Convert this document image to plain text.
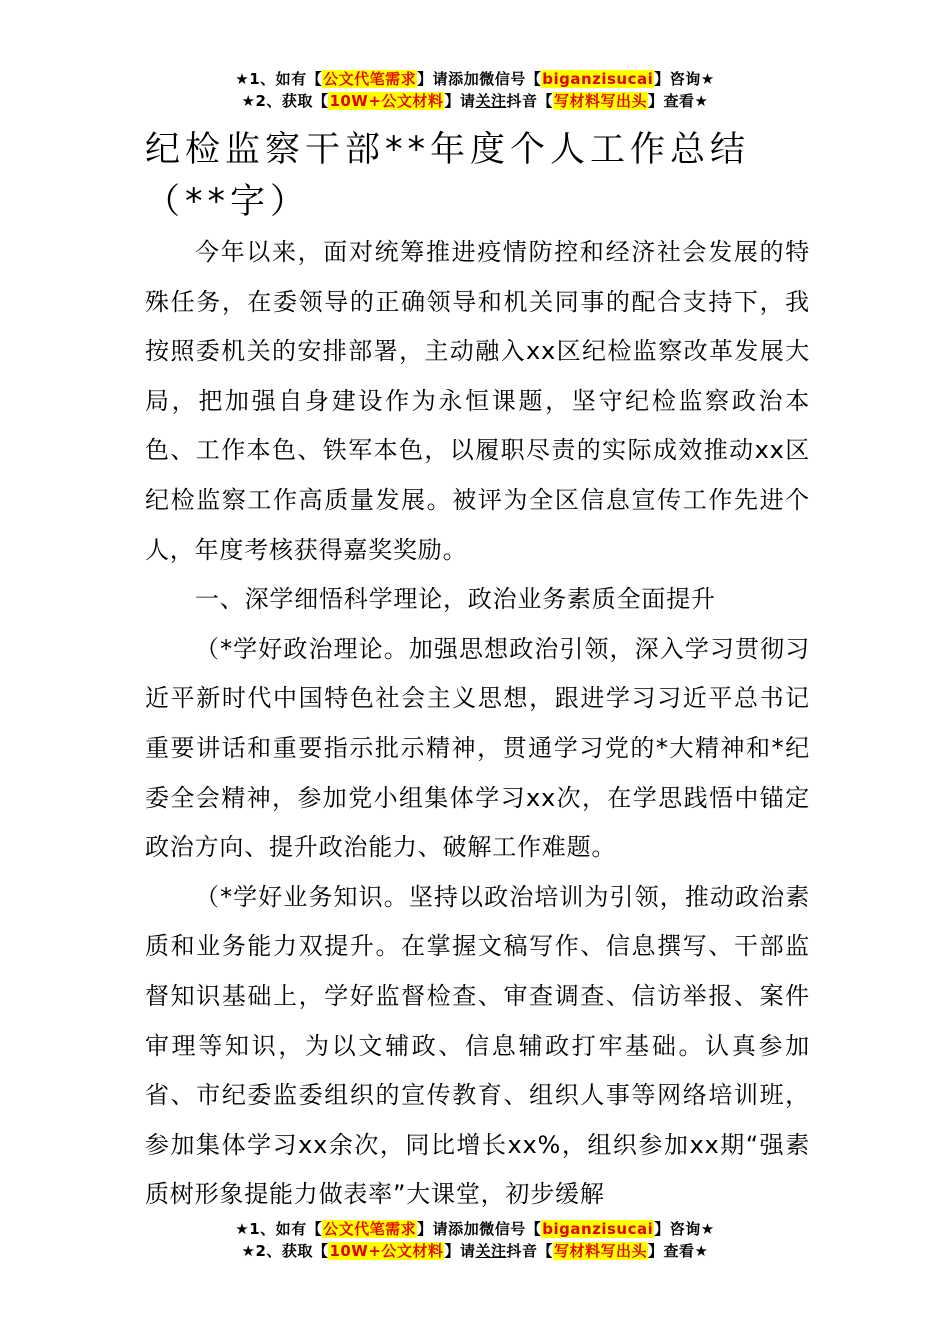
★1、如有【公文代笔需求】请添加微信号【biganzisucai】咨询★
★2、获取【10W+公文材料】请关注抖音【写材料写出头】查看★
纪检监察干部**年度个人工作总结（**字）

今年以来，面对统筹推进疫情防控和经济社会发展的特殊任务，在委领导的正确领导和机关同事的配合支持下，我按照委机关的安排部署，主动融入xx区纪检监察改革发展大局，把加强自身建设作为永恒课题，坚守纪检监察政治本色、工作本色、铁军本色，以履职尽责的实际成效推动xx区纪检监察工作高质量发展。被评为全区信息宣传工作先进个人，年度考核获得嘉奖奖励。

一、深学细悟科学理论，政治业务素质全面提升

（*学好政治理论。加强思想政治引领，深入学习贯彻习近平新时代中国特色社会主义思想，跟进学习习近平总书记重要讲话和重要指示批示精神，贯通学习党的*大精神和*纪委全会精神，参加党小组集体学习xx次，在学思践悟中锚定政治方向、提升政治能力、破解工作难题。

（*学好业务知识。坚持以政治培训为引领，推动政治素质和业务能力双提升。在掌握文稿写作、信息撰写、干部监督知识基础上，学好监督检查、审查调查、信访举报、案件审理等知识，为以文辅政、信息辅政打牢基础。认真参加省、市纪委监委组织的宣传教育、组织人事等网络培训班，参加集体学习xx余次，同比增长xx%，组织参加xx期“强素质树形象提能力做表率”大课堂，初步缓解

★1、如有【公文代笔需求】请添加微信号【biganzisucai】咨询★
★2、获取【10W+公文材料】请关注抖音【写材料写出头】查看★
